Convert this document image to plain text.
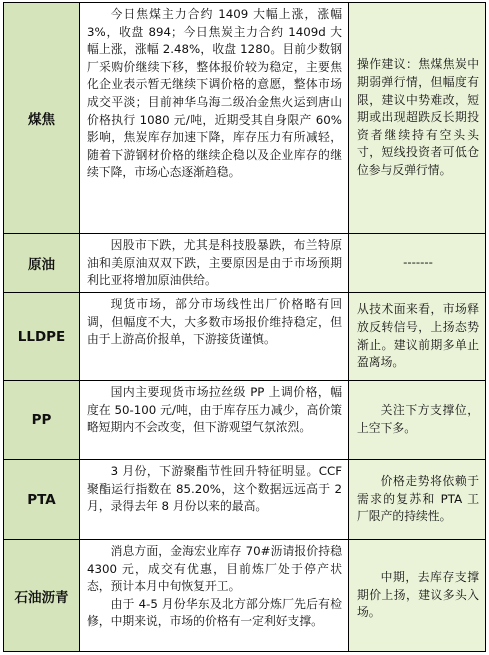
煤焦

今日焦煤主力合约 1409 大幅上涨，涨幅 3%，收盘 894；今日焦炭主力合约 1409d 大幅上涨，涨幅 2.48%，收盘 1280。目前少数钢厂采购价继续下移，整体报价较为稳定，主要焦化企业表示暂无继续下调价格的意愿，整体市场成交平淡；目前神华乌海二级冶金焦火运到唐山价格执行 1080 元/吨，近期受其自身限产 60%影响，焦炭库存加速下降，库存压力有所减轻，随着下游钢材价格的继续企稳以及企业库存的继续下降，市场心态逐渐趋稳。

操作建议：焦煤焦炭中期弱弹行情，但幅度有限，建议中势难改，短期或出现超跌反长期投资者继续持有空头头寸，短线投资者可低仓位参与反弹行情。
原油

因股市下跌，尤其是科技股暴跌，布兰特原油和美原油双双下跌，主要原因是由于市场预期利比亚将增加原油供给。

-------
LLDPE

现货市场，部分市场线性出厂价格略有回调，但幅度不大，大多数市场报价维持稳定，但由于上游高价报单，下游接货谨慎。

从技术面来看，市场释放反转信号，上扬态势渐止。建议前期多单止盈离场。
PP

国内主要现货市场拉丝级 PP 上调价格，幅度在 50-100 元/吨，由于库存压力减少，高价策略短期内不会改变，但下游观望气氛浓烈。

关注下方支撑位，上空下多。
PTA

3 月份，下游聚酯节性回升特征明显。CCF 聚酯运行指数在 85.20%，这个数据远远高于 2 月，录得去年 8 月份以来的最高。

价格走势将依赖于需求的复苏和 PTA 工厂限产的持续性。
石油沥青

消息方面，金海宏业库存 70#沥请报价持稳 4300 元，成交有优惠，目前炼厂处于停产状态，预计本月中旬恢复开工。

由于 4-5 月份华东及北方部分炼厂先后有检修，中期来说，市场的价格有一定利好支撑。

中期，去库存支撑期价上扬，建议多头入场。
